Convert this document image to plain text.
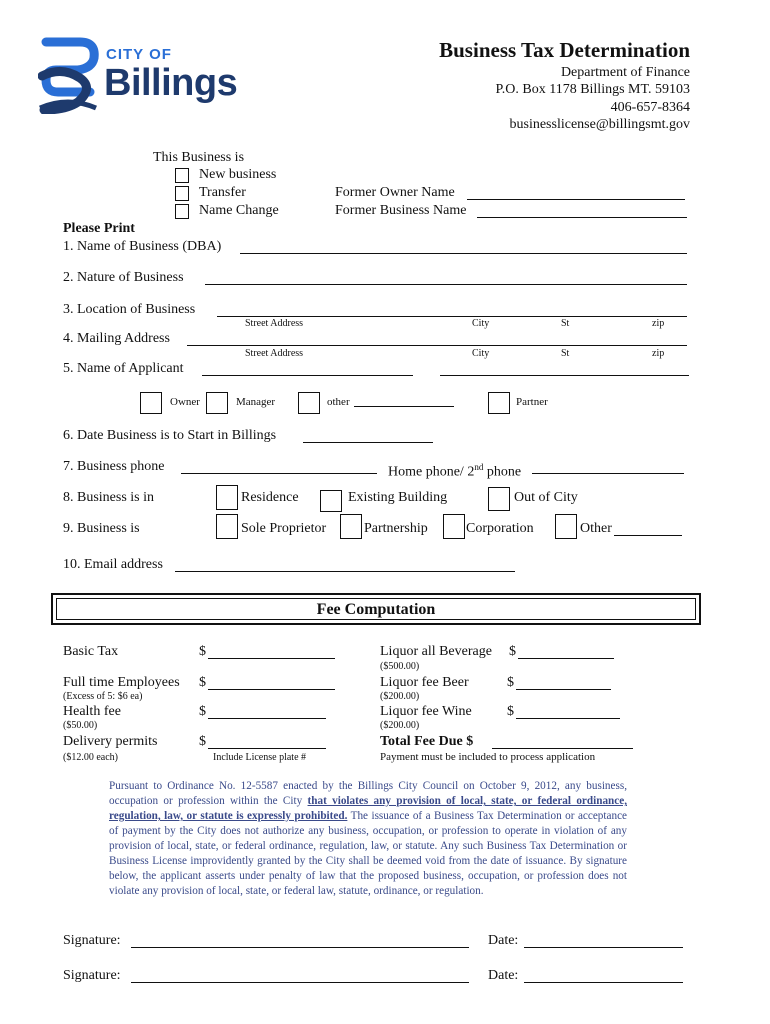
CITY OF
Billings
Business Tax Determination
Department of Finance
P.O. Box 1178 Billings MT. 59103
406-657-8364
businesslicense@billingsmt.gov
This Business is
New business
Transfer
Name Change
Former Owner Name
Former Business Name
Please Print
1. Name of Business (DBA)
2. Nature of Business
3. Location of Business
Street Address	City	St	zip
4. Mailing Address
Street Address	City	St	zip
5. Name of Applicant
Owner	Manager	other	Partner
6. Date Business is to Start in Billings
7. Business phone	Home phone/ 2nd phone
8. Business is in	Residence	Existing Building	Out of City
9. Business is	Sole Proprietor	Partnership	Corporation	Other
10. Email address
Fee Computation
Basic Tax	$
Full time Employees $
(Excess of 5: $6 ea)
Health fee	$
($50.00)
Delivery permits	$
($12.00 each)	Include License plate #
Liquor all Beverage $
($500.00)
Liquor fee Beer	$
($200.00)
Liquor fee Wine	$
($200.00)
Total Fee Due $
Payment must be included to process application
Pursuant to Ordinance No. 12-5587 enacted by the Billings City Council on October 9, 2012, any business, occupation or profession within the City that violates any provision of local, state, or federal ordinance, regulation, law, or statute is expressly prohibited. The issuance of a Business Tax Determination or acceptance of payment by the City does not authorize any business, occupation, or profession to operate in violation of any provision of local, state, or federal ordinance, regulation, law, or statute. Any such Business Tax Determination or Business License improvidently granted by the City shall be deemed void from the date of issuance. By signature below, the applicant asserts under penalty of law that the proposed business, occupation, or profession does not violate any provision of local, state, or federal law, statute, ordinance, or regulation.
Signature:	Date:
Signature:	Date:
